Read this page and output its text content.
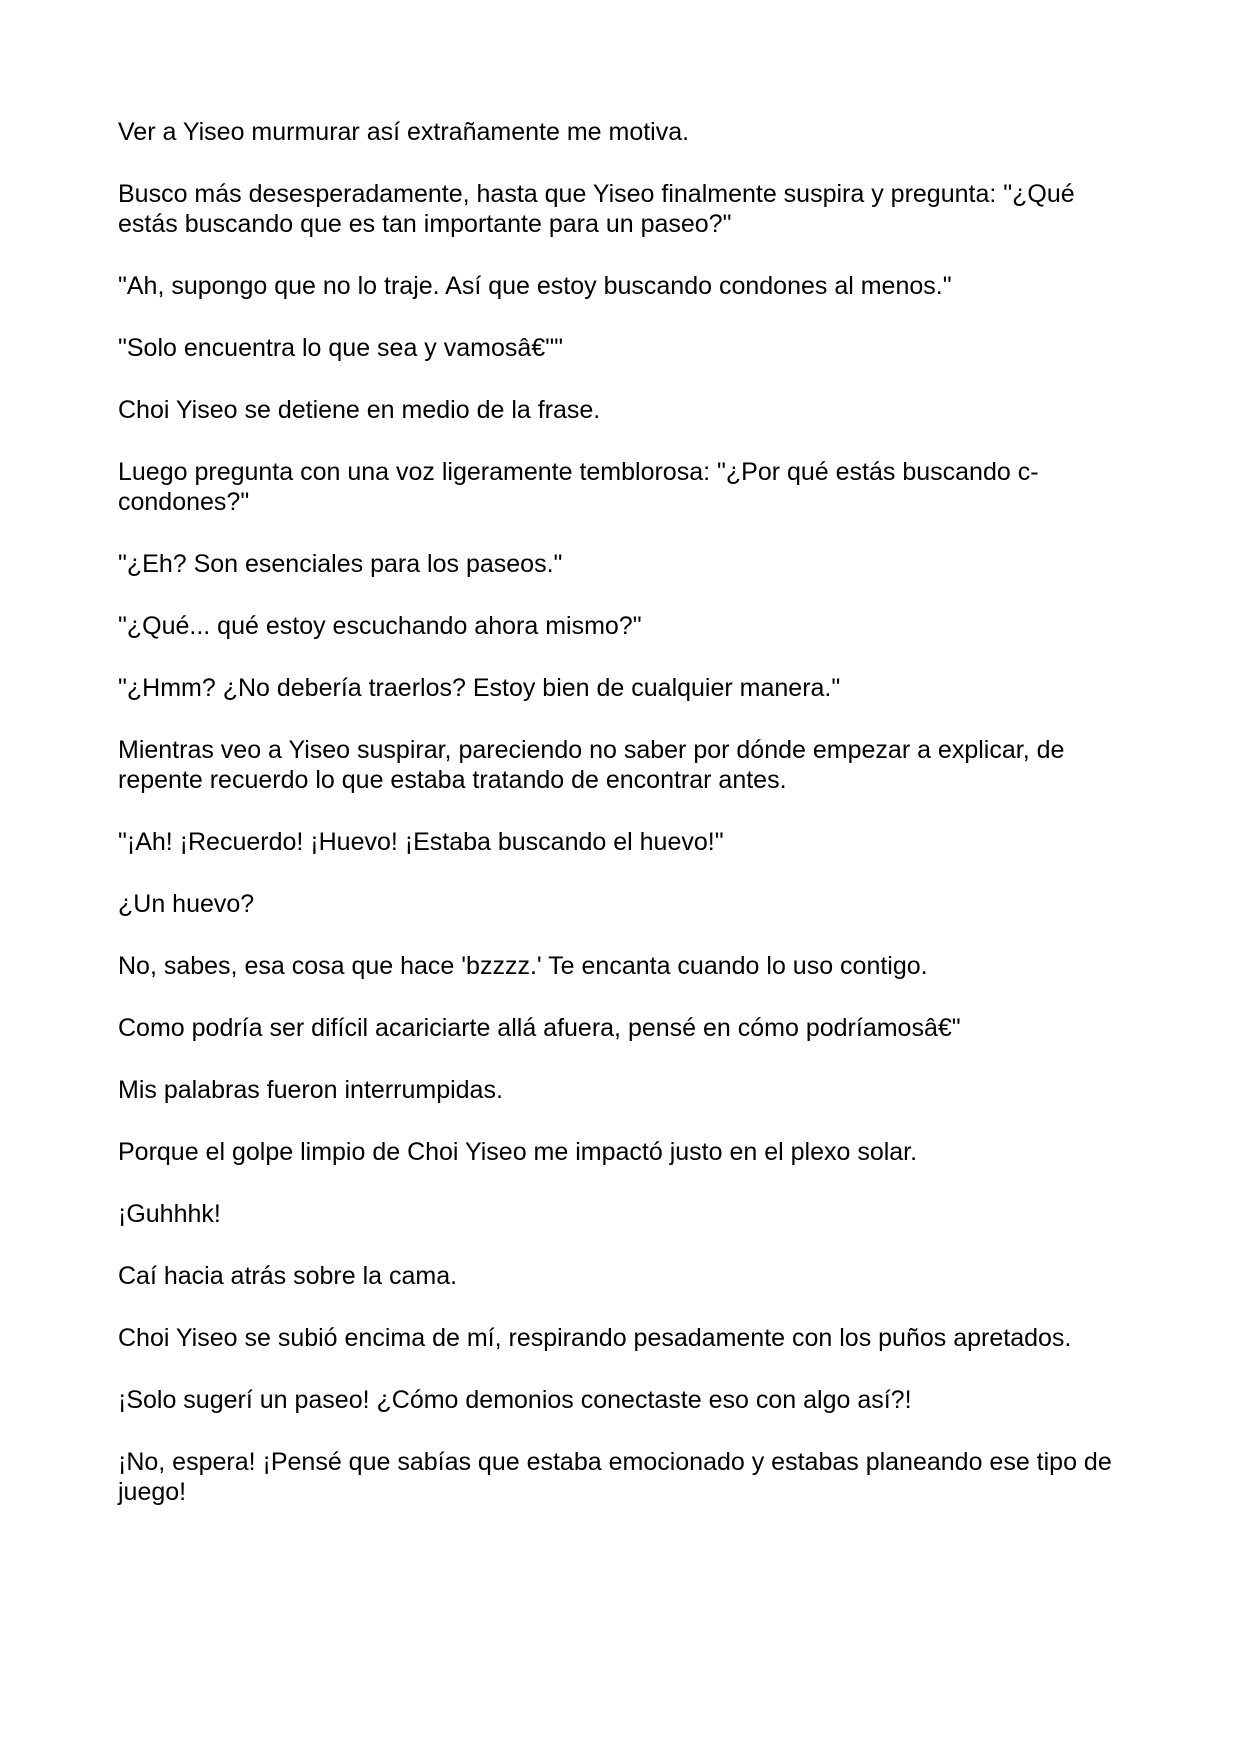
Ver a Yiseo murmurar así extrañamente me motiva.

Busco más desesperadamente, hasta que Yiseo finalmente suspira y pregunta: "¿Qué estás buscando que es tan importante para un paseo?"

"Ah, supongo que no lo traje. Así que estoy buscando condones al menos."

"Solo encuentra lo que sea y vamosâ€""

Choi Yiseo se detiene en medio de la frase.

Luego pregunta con una voz ligeramente temblorosa: "¿Por qué estás buscando c-condones?"

"¿Eh? Son esenciales para los paseos."

"¿Qué... qué estoy escuchando ahora mismo?"

"¿Hmm? ¿No debería traerlos? Estoy bien de cualquier manera."

Mientras veo a Yiseo suspirar, pareciendo no saber por dónde empezar a explicar, de repente recuerdo lo que estaba tratando de encontrar antes.

"¡Ah! ¡Recuerdo! ¡Huevo! ¡Estaba buscando el huevo!"

¿Un huevo?

No, sabes, esa cosa que hace 'bzzzz.' Te encanta cuando lo uso contigo.

Como podría ser difícil acariciarte allá afuera, pensé en cómo podríamosâ€"

Mis palabras fueron interrumpidas.

Porque el golpe limpio de Choi Yiseo me impactó justo en el plexo solar.

¡Guhhhk!

Caí hacia atrás sobre la cama.

Choi Yiseo se subió encima de mí, respirando pesadamente con los puños apretados.

¡Solo sugerí un paseo! ¿Cómo demonios conectaste eso con algo así?!

¡No, espera! ¡Pensé que sabías que estaba emocionado y estabas planeando ese tipo de juego!
